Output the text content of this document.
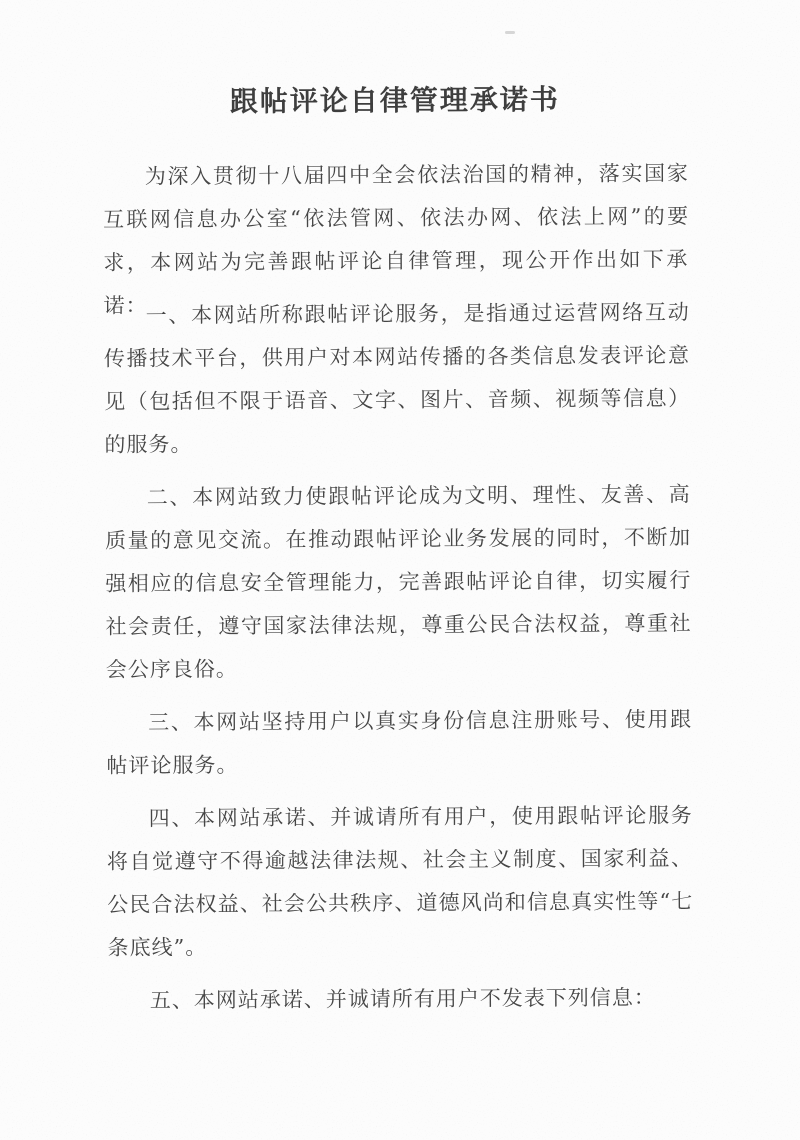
跟帖评论自律管理承诺书
为深入贯彻十八届四中全会依法治国的精神，落实国家
互联网信息办公室“依法管网、依法办网、依法上网”的要
求，本网站为完善跟帖评论自律管理，现公开作出如下承诺：
一、本网站所称跟帖评论服务，是指通过运营网络互动
传播技术平台，供用户对本网站传播的各类信息发表评论意
见（包括但不限于语音、文字、图片、音频、视频等信息）
的服务。
二、本网站致力使跟帖评论成为文明、理性、友善、高
质量的意见交流。在推动跟帖评论业务发展的同时，不断加
强相应的信息安全管理能力，完善跟帖评论自律，切实履行
社会责任，遵守国家法律法规，尊重公民合法权益，尊重社
会公序良俗。
三、本网站坚持用户以真实身份信息注册账号、使用跟
帖评论服务。
四、本网站承诺、并诚请所有用户，使用跟帖评论服务
将自觉遵守不得逾越法律法规、社会主义制度、国家利益、
公民合法权益、社会公共秩序、道德风尚和信息真实性等“七
条底线”。
五、本网站承诺、并诚请所有用户不发表下列信息：
